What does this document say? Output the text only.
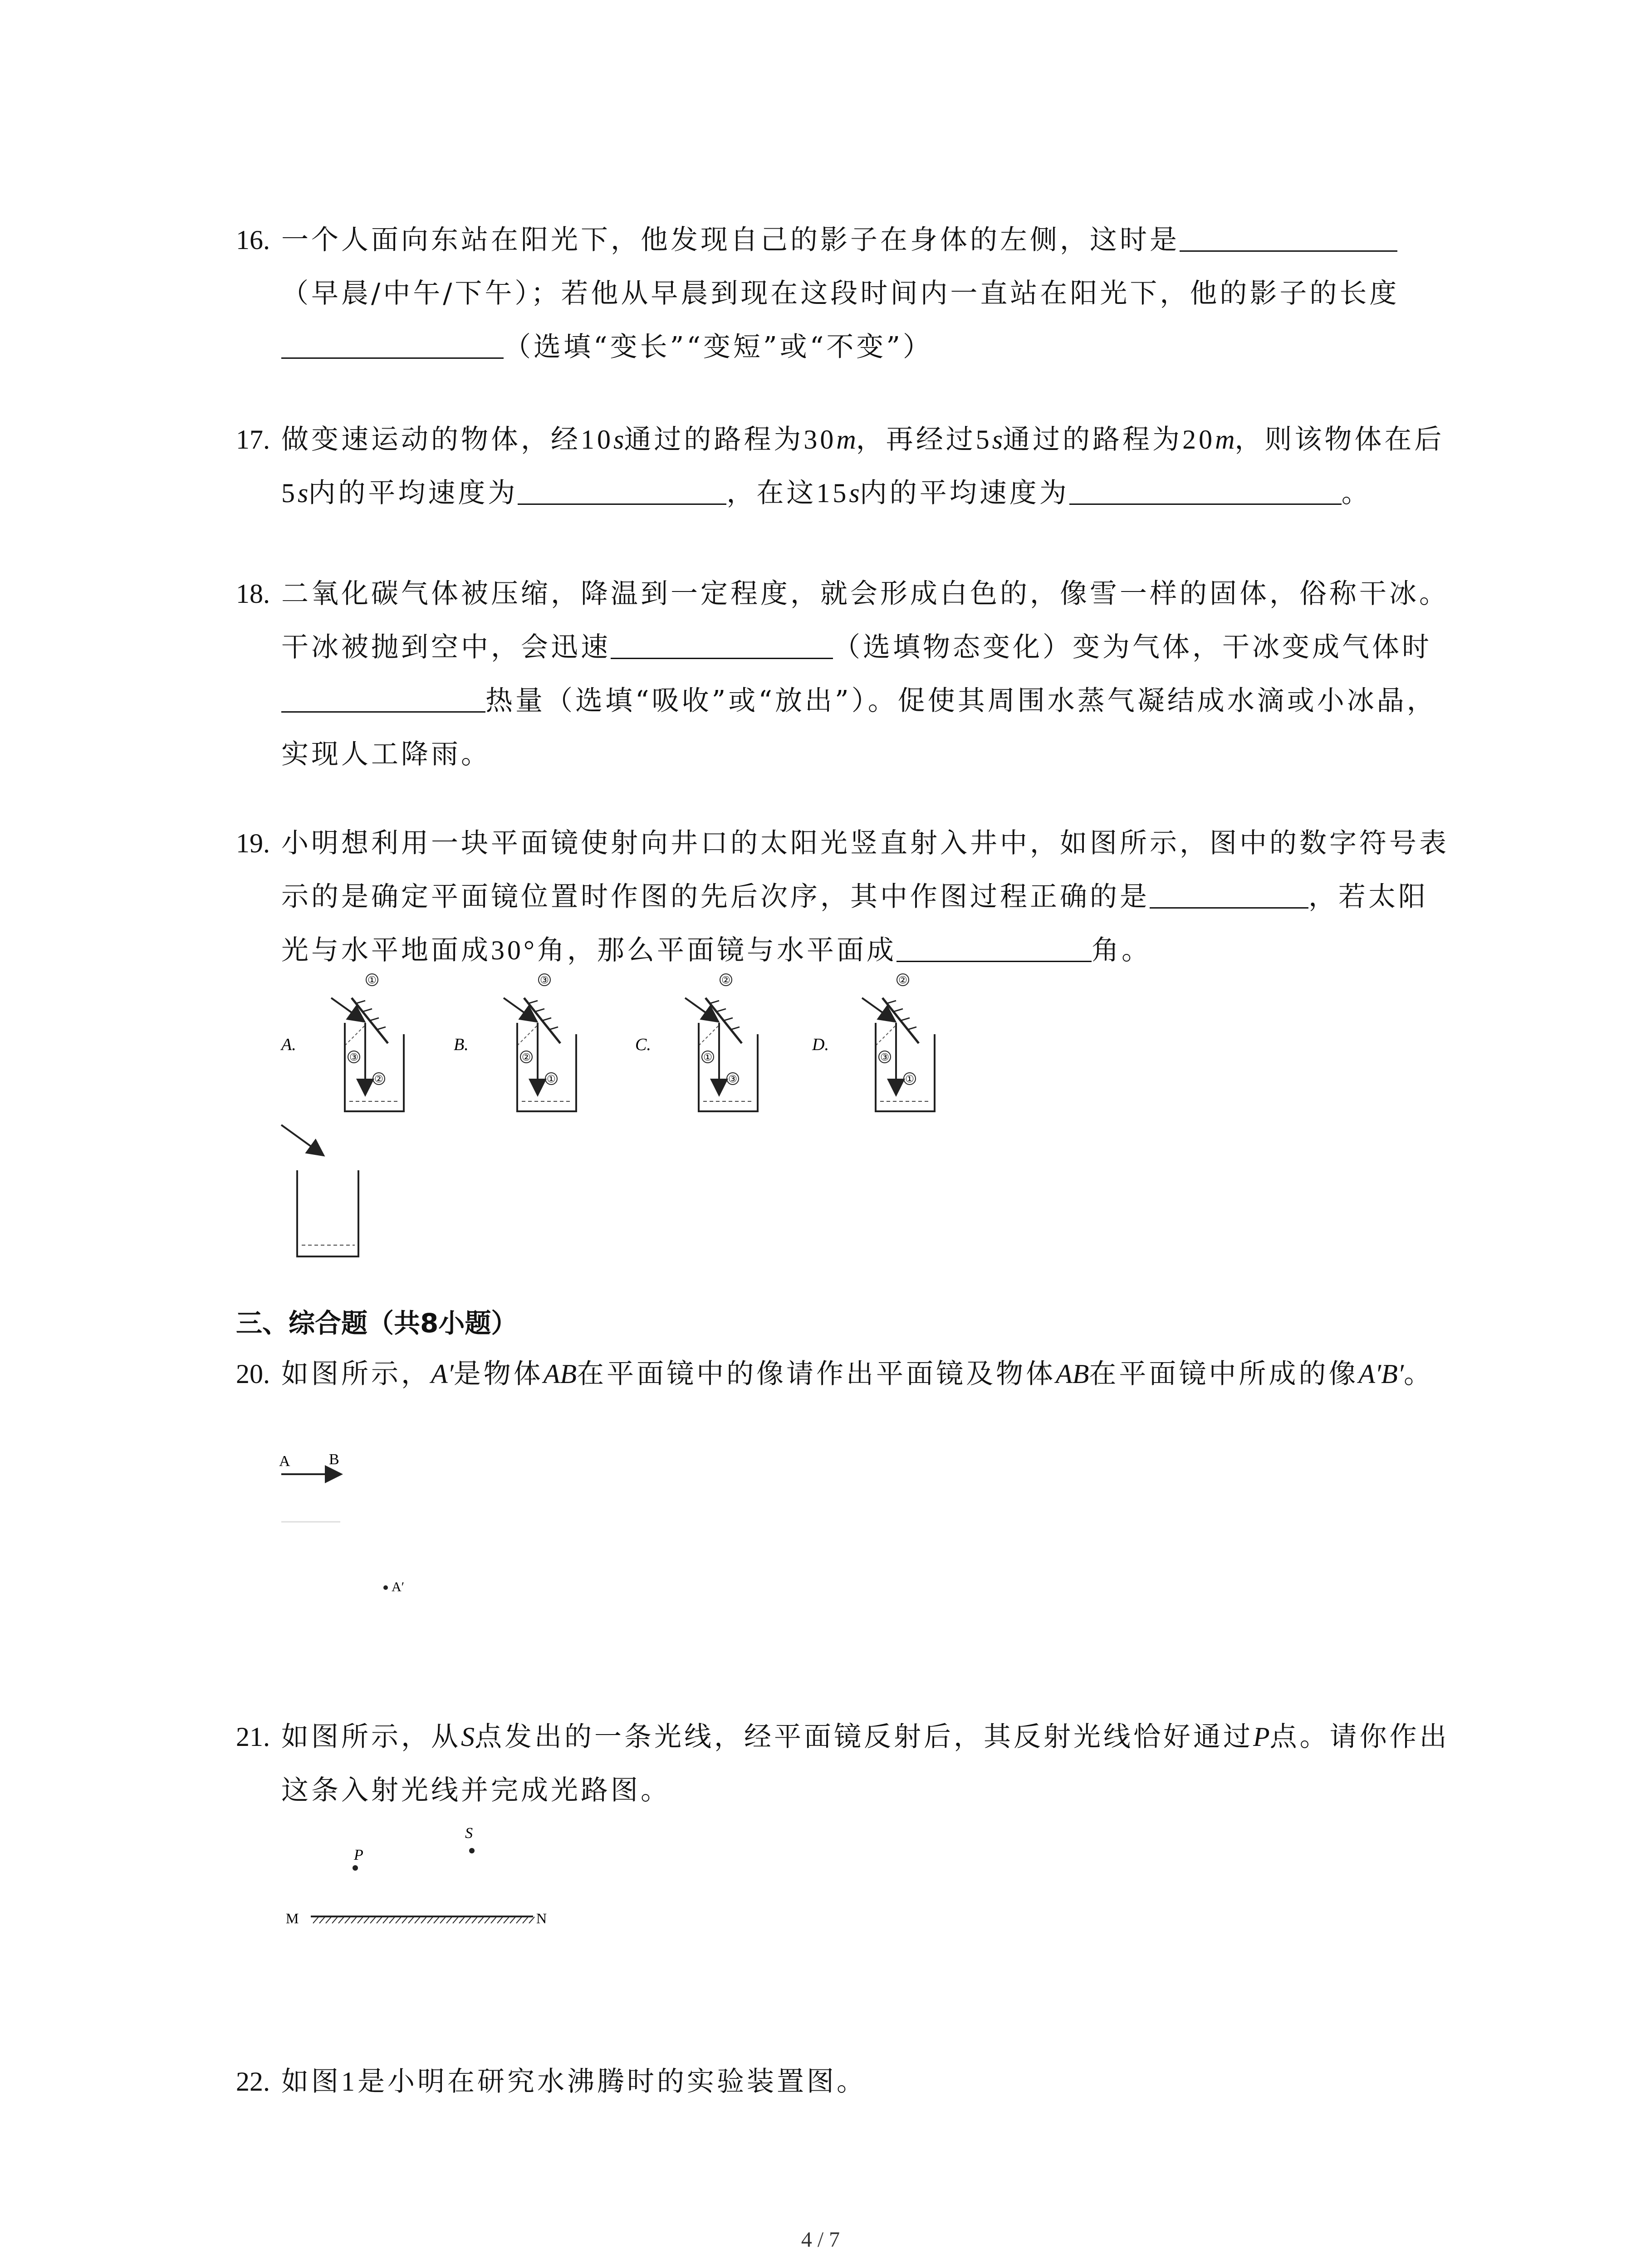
16. 一个人面向东站在阳光下，他发现自己的影子在身体的左侧，这时是（早晨/中午/下午）；若他从早晨到现在这段时间内一直站在阳光下，他的影子的长度（选填“变长”“变短”或“不变”）
17. 做变速运动的物体，经10s通过的路程为30m，再经过5s通过的路程为20m，则该物体在后5s内的平均速度为	，在这15s内的平均速度为	。
18. 二氧化碳气体被压缩，降温到一定程度，就会形成白色的，像雪一样的固体，俗称干冰。干冰被抛到空中，会迅速	（选填物态变化）变为气体，干冰变成气体时热量（选填“吸收”或“放出”）。促使其周围水蒸气凝结成水滴或小冰晶，实现人工降雨。
19. 小明想利用一块平面镜使射向井口的太阳光竖直射入井中，如图所示，图中的数字符号表示的是确定平面镜位置时作图的先后次序，其中作图过程正确的是	，若太阳光与水平地面成30°角，那么平面镜与水平面成	角。
A.
①
③
②
B.
③
②
①
C.
②
①
③
D.
②
③
①
三、综合题（共8小题）
20. 如图所示，A′是物体AB在平面镜中的像请作出平面镜及物体AB在平面镜中所成的像A′B′。
A	B
A′
21. 如图所示，从S点发出的一条光线，经平面镜反射后，其反射光线恰好通过P点。请你作出这条入射光线并完成光路图。
P
S
M	N
22. 如图1是小明在研究水沸腾时的实验装置图。
4 / 7
